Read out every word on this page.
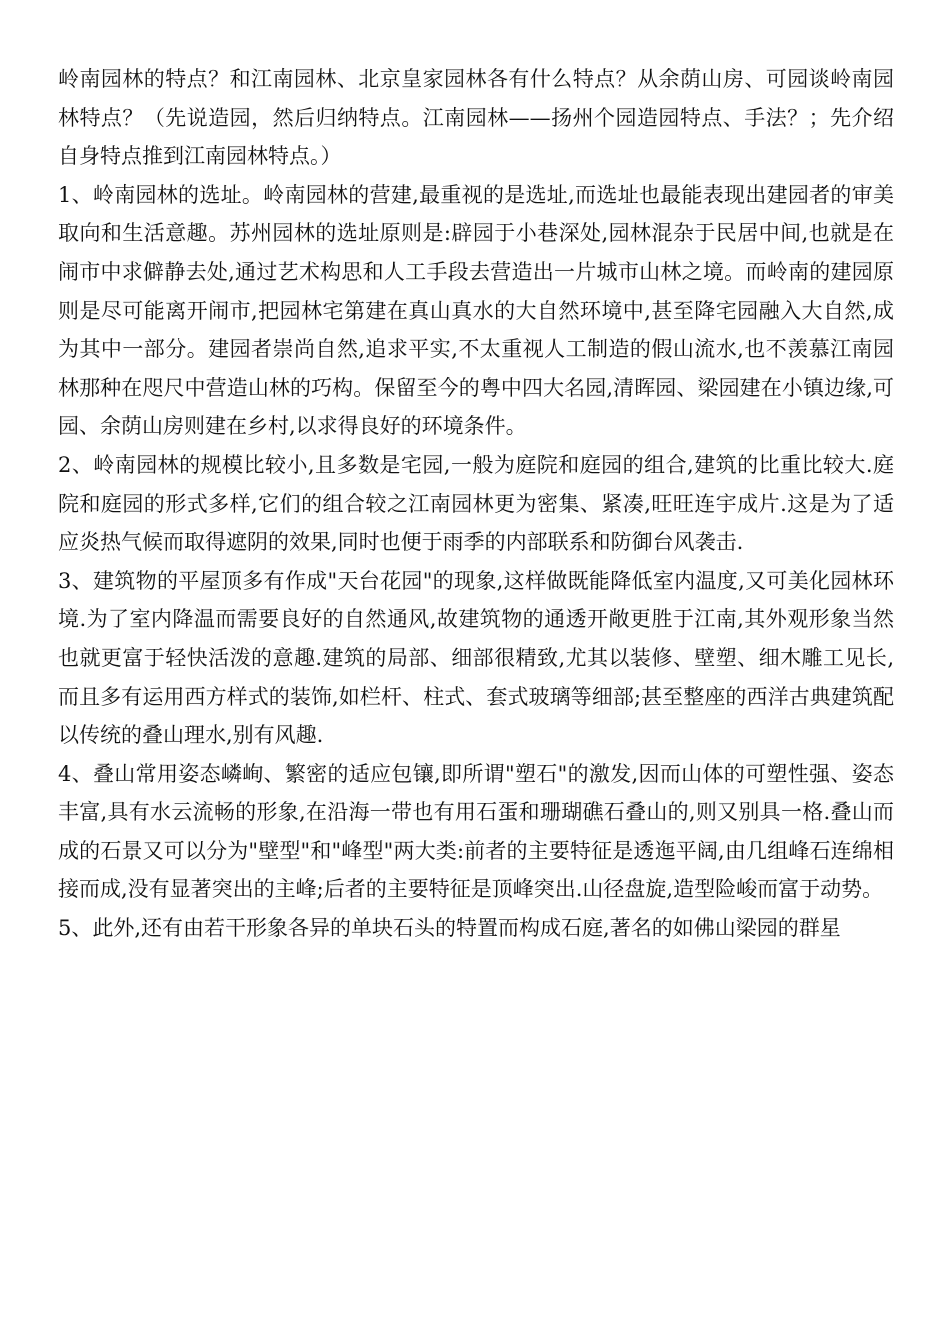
岭南园林的特点？和江南园林、北京皇家园林各有什么特点？从余荫山房、可园谈岭南园林特点？（先说造园，然后归纳特点。江南园林——扬州个园造园特点、手法？；先介绍自身特点推到江南园林特点。）

1、岭南园林的选址。岭南园林的营建,最重视的是选址,而选址也最能表现出建园者的审美取向和生活意趣。苏州园林的选址原则是:辟园于小巷深处,园林混杂于民居中间,也就是在闹市中求僻静去处,通过艺术构思和人工手段去营造出一片城市山林之境。而岭南的建园原则是尽可能离开闹市,把园林宅第建在真山真水的大自然环境中,甚至降宅园融入大自然,成为其中一部分。建园者崇尚自然,追求平实,不太重视人工制造的假山流水,也不羡慕江南园林那种在咫尺中营造山林的巧构。保留至今的粤中四大名园,清晖园、梁园建在小镇边缘,可园、余荫山房则建在乡村,以求得良好的环境条件。

2、岭南园林的规模比较小,且多数是宅园,一般为庭院和庭园的组合,建筑的比重比较大.庭院和庭园的形式多样,它们的组合较之江南园林更为密集、紧凑,旺旺连宇成片.这是为了适应炎热气候而取得遮阴的效果,同时也便于雨季的内部联系和防御台风袭击.

3、建筑物的平屋顶多有作成"天台花园"的现象,这样做既能降低室内温度,又可美化园林环境.为了室内降温而需要良好的自然通风,故建筑物的通透开敞更胜于江南,其外观形象当然也就更富于轻快活泼的意趣.建筑的局部、细部很精致,尤其以装修、壁塑、细木雕工见长,而且多有运用西方样式的装饰,如栏杆、柱式、套式玻璃等细部;甚至整座的西洋古典建筑配以传统的叠山理水,别有风趣.

4、叠山常用姿态嶙峋、繁密的适应包镶,即所谓"塑石"的激发,因而山体的可塑性强、姿态丰富,具有水云流畅的形象,在沿海一带也有用石蛋和珊瑚礁石叠山的,则又别具一格.叠山而成的石景又可以分为"壁型"和"峰型"两大类:前者的主要特征是透迤平阔,由几组峰石连绵相接而成,没有显著突出的主峰;后者的主要特征是顶峰突出.山径盘旋,造型险峻而富于动势。

5、此外,还有由若干形象各异的单块石头的特置而构成石庭,著名的如佛山梁园的群星
